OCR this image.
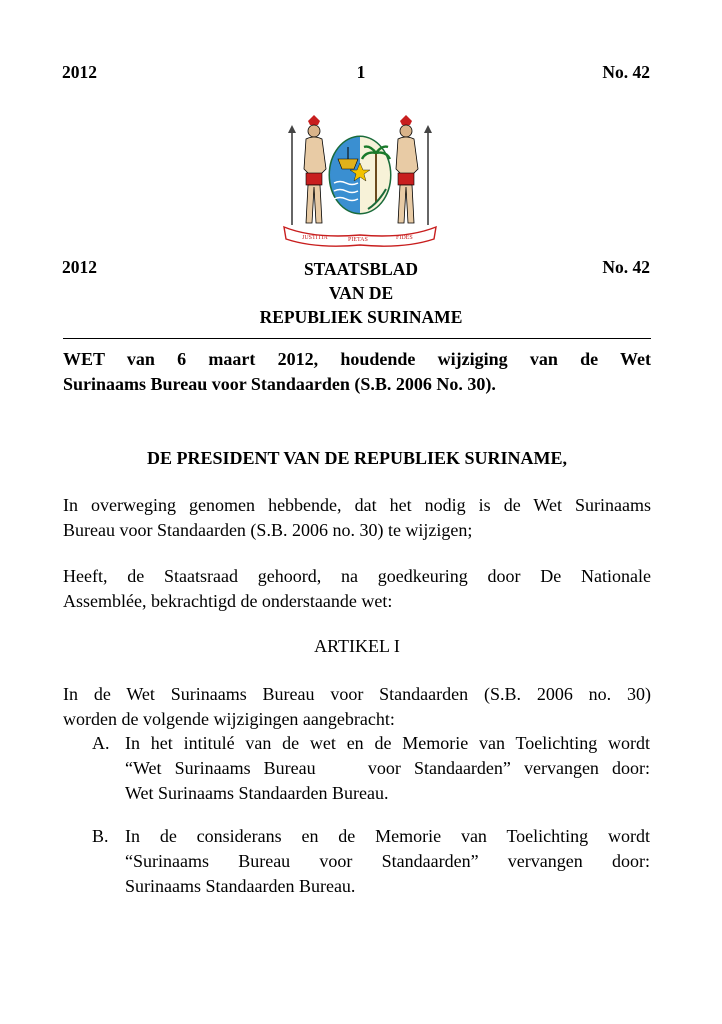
2012	1	No. 42
JUSTITIA	PIETAS	FIDES
2012	STAATSBLAD
VAN DE
REPUBLIEK SURINAME
No. 42
WET van 6 maart 2012, houdende wijziging van de Wet
Surinaams Bureau voor Standaarden (S.B. 2006 No. 30).
DE PRESIDENT VAN DE REPUBLIEK SURINAME,
In overweging genomen hebbende, dat het nodig is de Wet Surinaams
Bureau voor Standaarden (S.B. 2006 no. 30) te wijzigen;
Heeft, de Staatsraad gehoord, na goedkeuring door De Nationale
Assemblée, bekrachtigd de onderstaande wet:
ARTIKEL I
In de Wet Surinaams Bureau voor Standaarden (S.B. 2006 no. 30)
worden de volgende wijzigingen aangebracht:
A. In het intitulé van de wet en de Memorie van Toelichting wordt
“Wet Surinaams Bureau    voor Standaarden” vervangen door:
Wet Surinaams Standaarden Bureau.
B. In de considerans en de Memorie van Toelichting wordt
“Surinaams Bureau voor Standaarden” vervangen door:
Surinaams Standaarden Bureau.
